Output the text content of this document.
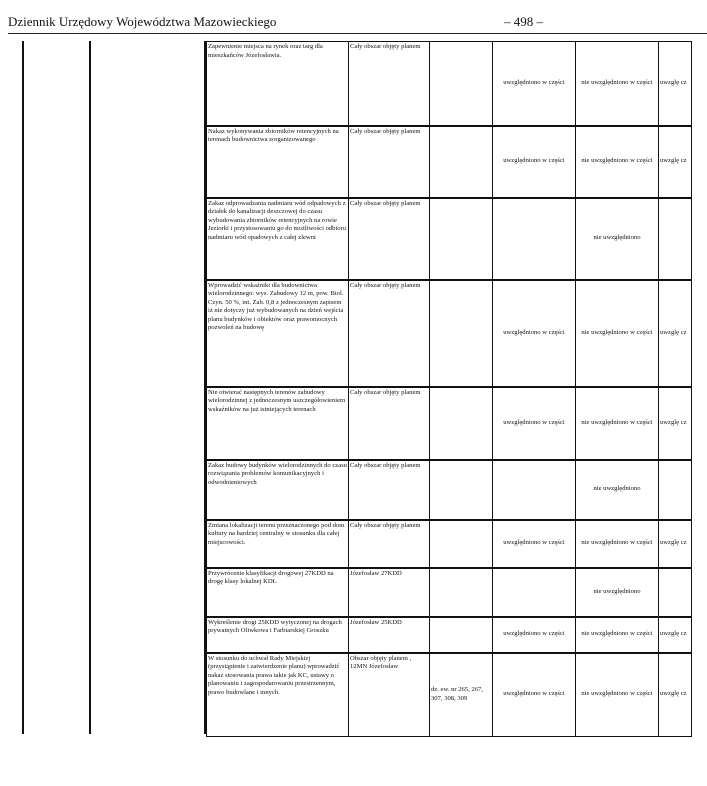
Dziennik Urzędowy Województwa Mazowieckiego	– 498 –
Zapewnienie miejsca na rynek oraz targ dla mieszkańców Józefosławia.	Cały obszar objęty planem		uwzględniono w części	nie uwzględniono w części	uwzglę cz
Nakaz wykonywania zbiorników retencyjnych na terenach budownictwa zorganizowanego	Cały obszar objęty planem		uwzględniono w części	nie uwzględniono w części	uwzglę cz
Zakaz odprowadzania nadmiaru wód odpadowych z działek do kanalizacji deszczowej do czasu wybudowania zbiorników retencyjnych na rowie Jeziorki i przystosowaniu go do możliwości odbioru nadmiaru wód opadowych z całej zlewni	Cały obszar objęty planem			nie uwzględniono	
Wprowadzić wskaźniki dla budownictwa wielorodzinnego: wys. Zabudowy 12 m, pow. Biol. Czyn. 50 %, int. Zab. 0,8 z jednoczesnym zapisem iż nie dotyczy już wybudowanych na dzień wejścia planu budynków i obiektów oraz prawomocnych pozwoleń na budowę	Cały obszar objęty planem		uwzględniono w części	nie uwzględniono w części	uwzglę cz
Nie otwierać następnych terenów zabudowy wielorodzinnej z jednoczesnym uszczegółowieniem wskaźników na już istniejących terenach	Cały obszar objęty planem		uwzględniono w części	nie uwzględniono w części	uwzglę cz
Zakaz budowy budynków wielorodzinnych do czasu rozwiązania problemów komunikacyjnych i odwodnieniowych	Cały obszar objęty planem			nie uwzględniono	
Zmiana lokalizacji terenu przeznaczonego pod dom kultury na bardziej centralny w stosunku dla całej miejscowości.	Cały obszar objęty planem		uwzględniono w części	nie uwzględniono w części	uwzglę cz
Przywrócenie klasyfikacji drogowej 27KDD na drogę klasy lokalnej KDL	Józefosław 27KDD			nie uwzględniono	
Wykreślenie drogi 25KDD wytyczonej na drogach prywatnych Oliwkowa i Farbiarskiej Groszku	Józefosław 25KDD		uwzględniono w części	nie uwzględniono w części	uwzglę cz
W stosunku do uchwał Rady Miejskiej (przystąpienie i zatwierdzenie planu) wprowadzić nakaz stosowania prawa takie jak KC, ustawy o planowaniu i zagospodarowaniu przestrzennym, prawo budowlane i innych.	Obszar objęty planem , 12MN Józefosław	dz. ew. nr 265, 267, 307, 308, 309	uwzględniono w części	nie uwzględniono w części	uwzglę cz
